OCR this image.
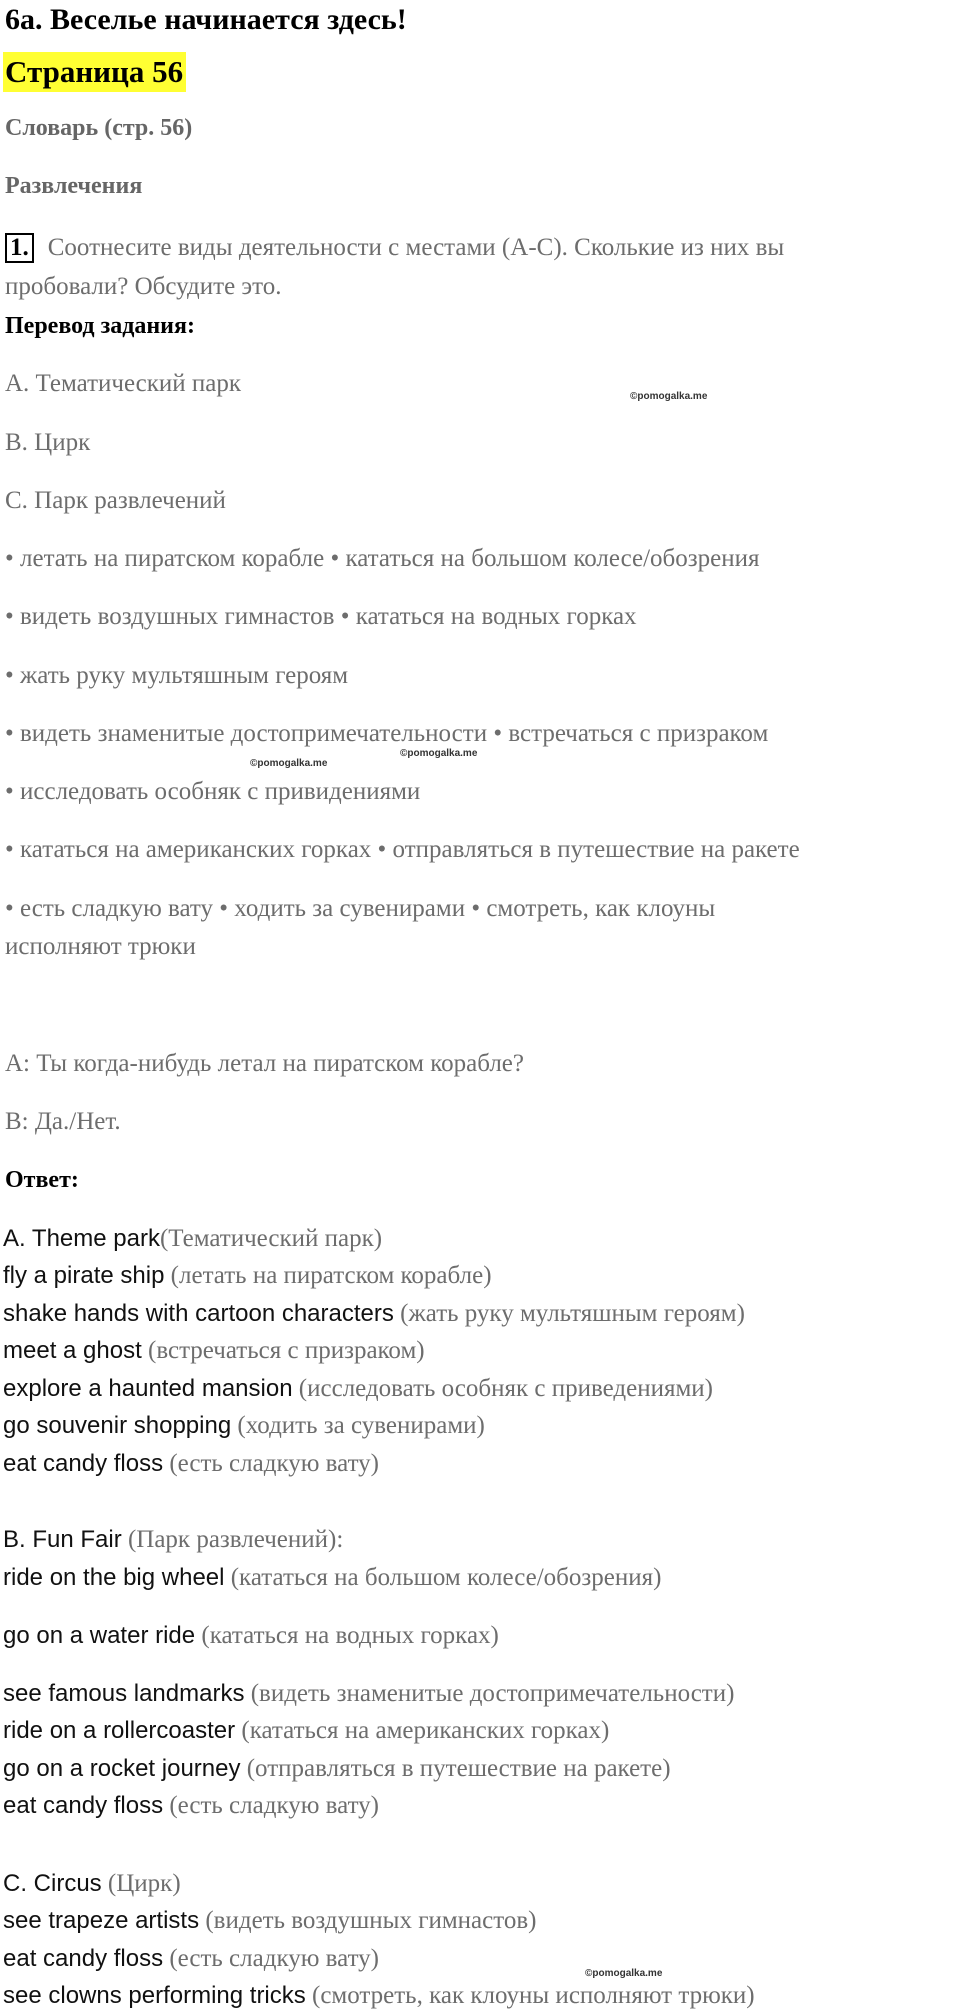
6а. Веселье начинается здесь!
Страница 56
Словарь (стр. 56)
Развлечения
1. Соотнесите виды деятельности с местами (А-С). Сколькие из них вы
пробовали? Обсудите это.
Перевод задания:
А. Тематический парк	©pomogalka.me
B. Цирк
С. Парк развлечений
• летать на пиратском корабле • кататься на большом колесе/обозрения
• видеть воздушных гимнастов • кататься на водных горках
• жать руку мультяшным героям
• видеть знаменитые достопримечательности • встречаться с призраком
©pomogalka.me
©pomogalka.me
• исследовать особняк с привидениями
• кататься на американских горках • отправляться в путешествие на ракете
• есть сладкую вату • ходить за сувенирами • смотреть, как клоуны
исполняют трюки
А: Ты когда-нибудь летал на пиратском корабле?
В: Да./Нет.
Ответ:
A. Theme park(Тематический парк)
fly a pirate ship (летать на пиратском корабле)
shake hands with cartoon characters (жать руку мультяшным героям)
meet a ghost (встречаться с призраком)
explore a haunted mansion (исследовать особняк с приведениями)
go souvenir shopping (ходить за сувенирами)
eat candy floss (есть сладкую вату)
B. Fun Fair (Парк развлечений):
ride on the big wheel (кататься на большом колесе/обозрения)
go on a water ride (кататься на водных горках)
see famous landmarks (видеть знаменитые достопримечательности)
ride on a rollercoaster (кататься на американских горках)
go on a rocket journey (отправляться в путешествие на ракете)
eat candy floss (есть сладкую вату)
C. Circus (Цирк)
see trapeze artists (видеть воздушных гимнастов)
eat candy floss (есть сладкую вату)
©pomogalka.me
see clowns performing tricks (смотреть, как клоуны исполняют трюки)
